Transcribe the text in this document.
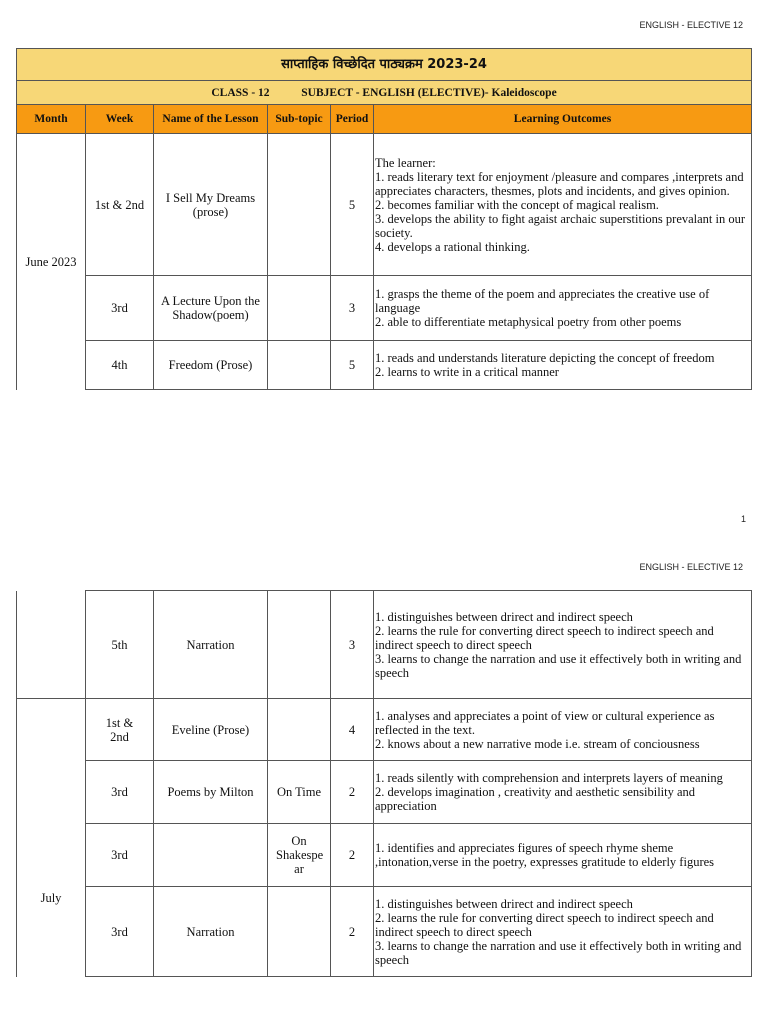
ENGLISH - ELECTIVE 12
साप्ताहिक विच्छेदित पाठ्यक्रम 2023-24					
CLASS - 12 SUBJECT - ENGLISH (ELECTIVE)- Kaleidoscope					
Month	Week	Name of the Lesson	Sub-topic	Period	Learning Outcomes
June 2023	1st & 2nd	I Sell My Dreams (prose)		5	The learner:
1. reads literary text for enjoyment /pleasure and compares ,interprets and appreciates characters, thesmes, plots and incidents, and gives opinion.
2. becomes familiar with the concept of magical realism.
3. develops the ability to fight agaist archaic superstitions prevalant in our society.
4. develops a rational thinking.
	3rd	A Lecture Upon the Shadow(poem)		3	1. grasps the theme of the poem and appreciates the creative use of language
2. able to differentiate metaphysical poetry from other poems
	4th	Freedom (Prose)		5	1. reads and understands literature depicting the concept of freedom
2. learns to write in a critical manner
1
ENGLISH - ELECTIVE 12
	5th	Narration		3	1. distinguishes between drirect and indirect speech
2. learns the rule for converting direct speech to indirect speech and indirect speech to direct speech
3. learns to change the narration and use it effectively both in writing and speech
July	1st & 2nd	Eveline (Prose)		4	1. analyses and appreciates a point of view or cultural experience as reflected in the text.
2. knows about a new narrative mode i.e. stream of conciousness
	3rd	Poems by Milton	On Time	2	1. reads silently with comprehension and interprets layers of meaning
2. develops imagination , creativity and aesthetic sensibility and appreciation
	3rd		On Shakespe ar	2	1. identifies and appreciates figures of speech rhyme sheme ,intonation,verse in the poetry, expresses gratitude to elderly figures
	3rd	Narration		2	1. distinguishes between drirect and indirect speech
2. learns the rule for converting direct speech to indirect speech and indirect speech to direct speech
3. learns to change the narration and use it effectively both in writing and speech
